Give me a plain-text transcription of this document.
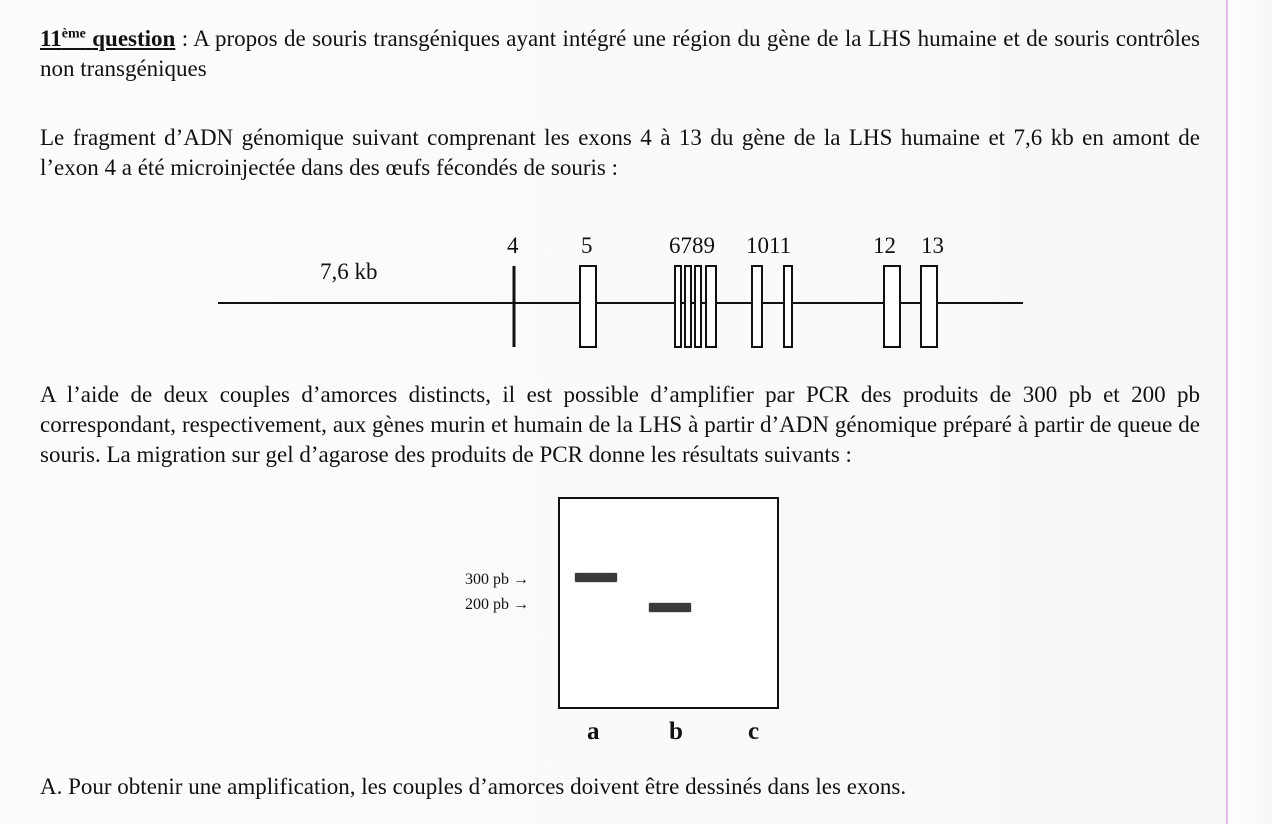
11ème question : A propos de souris transgéniques ayant intégré une région du gène de la LHS humaine et de souris contrôles non transgéniques

Le fragment d’ADN génomique suivant comprenant les exons 4 à 13 du gène de la LHS humaine et 7,6 kb en amont de l’exon 4 a été microinjectée dans des œufs fécondés de souris :

7,6 kb
4	5	6789 1011	12 13

A l’aide de deux couples d’amorces distincts, il est possible d’amplifier par PCR des produits de 300 pb et 200 pb correspondant, respectivement, aux gènes murin et humain de la LHS à partir d’ADN génomique préparé à partir de queue de souris. La migration sur gel d’agarose des produits de PCR donne les résultats suivants :

300 pb →
200 pb →
a	b	c

A. Pour obtenir une amplification, les couples d’amorces doivent être dessinés dans les exons.
